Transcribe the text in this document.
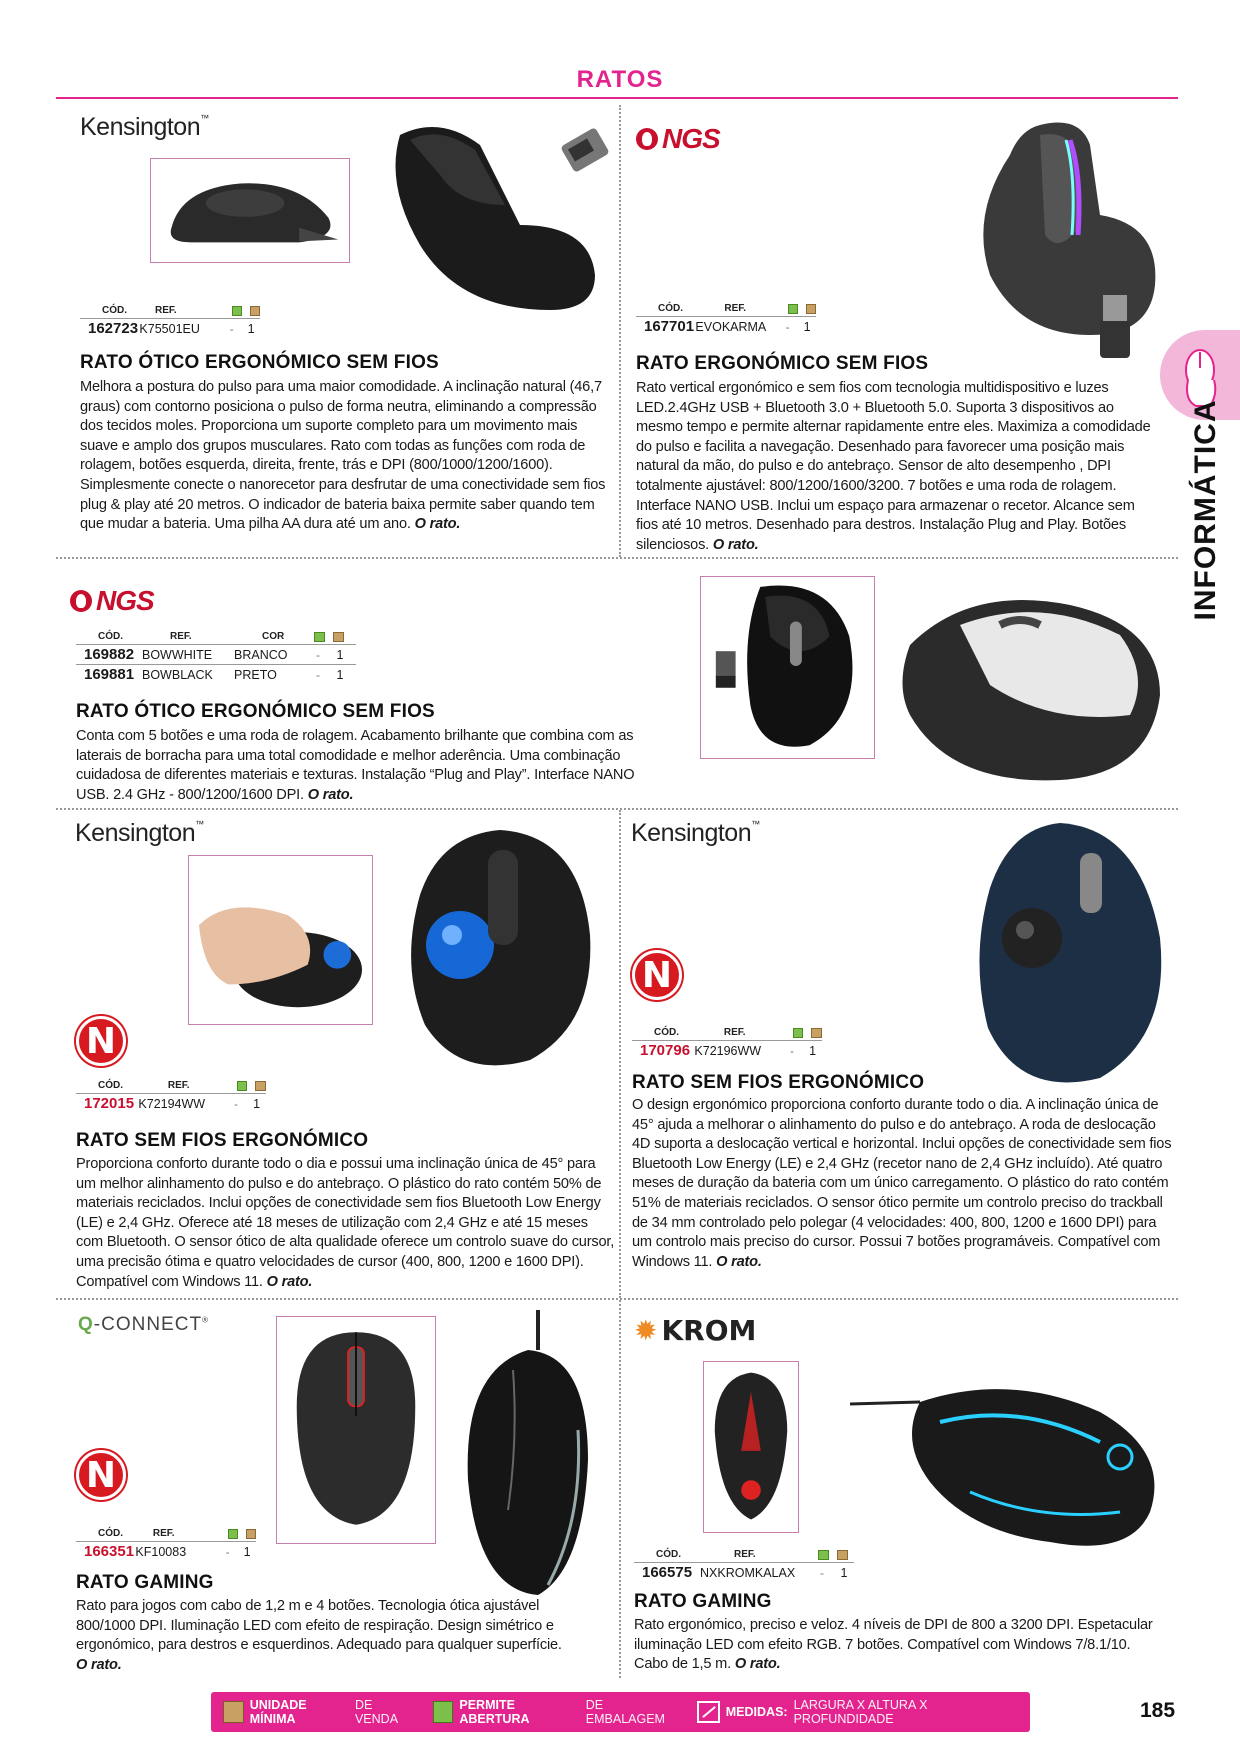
RATOS
INFORMÁTICA
Kensington™
CÓD.	REF.
162723 K75501EU	-	1
RATO ÓTICO ERGONÓMICO SEM FIOS
Melhora a postura do pulso para uma maior comodidade. A inclinação natural (46,7 graus) com contorno posiciona o pulso de forma neutra, eliminando a compressão dos tecidos moles. Proporciona um suporte completo para um movimento mais suave e amplo dos grupos musculares. Rato com todas as funções com roda de rolagem, botões esquerda, direita, frente, trás e DPI (800/1000/1200/1600). Simplesmente conecte o nanorecetor para desfrutar de uma conectividade sem fios plug & play até 20 metros. O indicador de bateria baixa permite saber quando tem que mudar a bateria. Uma pilha AA dura até um ano. O rato.
NGS
CÓD.	REF.
167701 EVOKARMA	-	1
RATO ERGONÓMICO SEM FIOS
Rato vertical ergonómico e sem fios com tecnologia multidispositivo e luzes LED.2.4GHz USB + Bluetooth 3.0 + Bluetooth 5.0. Suporta 3 dispositivos ao mesmo tempo e permite alternar rapidamente entre eles. Maximiza a comodidade do pulso e facilita a navegação. Desenhado para favorecer uma posição mais natural da mão, do pulso e do antebraço. Sensor de alto desempenho , DPI totalmente ajustável: 800/1200/1600/3200. 7 botões e uma roda de rolagem. Interface NANO USB. Inclui um espaço para armazenar o recetor. Alcance sem fios até 10 metros. Desenhado para destros. Instalação Plug and Play. Botões silenciosos. O rato.
NGS
CÓD.	REF.	COR
169882 BOWWHITE	BRANCO	-	1
169881 BOWBLACK	PRETO	-	1
RATO ÓTICO ERGONÓMICO SEM FIOS
Conta com 5 botões e uma roda de rolagem. Acabamento brilhante que combina com as laterais de borracha para uma total comodidade e melhor aderência. Uma combinação cuidadosa de diferentes materiais e texturas. Instalação “Plug and Play”. Interface NANO USB. 2.4 GHz - 800/1200/1600 DPI. O rato.
Kensington™
N
CÓD.	REF.
172015 K72194WW	-	1
RATO SEM FIOS ERGONÓMICO
Proporciona conforto durante todo o dia e possui uma inclinação única de 45° para um melhor alinhamento do pulso e do antebraço. O plástico do rato contém 50% de materiais reciclados. Inclui opções de conectividade sem fios Bluetooth Low Energy (LE) e 2,4 GHz. Oferece até 18 meses de utilização com 2,4 GHz e até 15 meses com Bluetooth. O sensor ótico de alta qualidade oferece um controlo suave do cursor, uma precisão ótima e quatro velocidades de cursor (400, 800, 1200 e 1600 DPI). Compatível com Windows 11. O rato.
Kensington™
N
CÓD.	REF.
170796 K72196WW	-	1
RATO SEM FIOS ERGONÓMICO
O design ergonómico proporciona conforto durante todo o dia. A inclinação única de 45° ajuda a melhorar o alinhamento do pulso e do antebraço. A roda de deslocação 4D suporta a deslocação vertical e horizontal. Inclui opções de conectividade sem fios Bluetooth Low Energy (LE) e 2,4 GHz (recetor nano de 2,4 GHz incluído). Até quatro meses de duração da bateria com um único carregamento. O plástico do rato contém 51% de materiais reciclados. O sensor ótico permite um controlo preciso do trackball de 34 mm controlado pelo polegar (4 velocidades: 400, 800, 1200 e 1600 DPI) para um controlo mais preciso do cursor. Possui 7 botões programáveis. Compatível com Windows 11. O rato.
Q-CONNECT®
N
CÓD.	REF.
166351 KF10083	-	1
RATO GAMING
Rato para jogos com cabo de 1,2 m e 4 botões. Tecnologia ótica ajustável 800/1000 DPI. Iluminação LED com efeito de respiração. Design simétrico e ergonómico, para destros e esquerdinos. Adequado para qualquer superfície. O rato.
✹ KROM
CÓD.	REF.
166575 NXKROMKALAX	-	1
RATO GAMING
Rato ergonómico, preciso e veloz. 4 níveis de DPI de 800 a 3200 DPI. Espetacular iluminação LED com efeito RGB. 7 botões. Compatível com Windows 7/8.1/10. Cabo de 1,5 m. O rato.
UNIDADE MÍNIMA
DE VENDA
PERMITE ABERTURA
DE EMBALAGEM	MEDIDAS: LARGURA X ALTURA X PROFUNDIDADE	185
